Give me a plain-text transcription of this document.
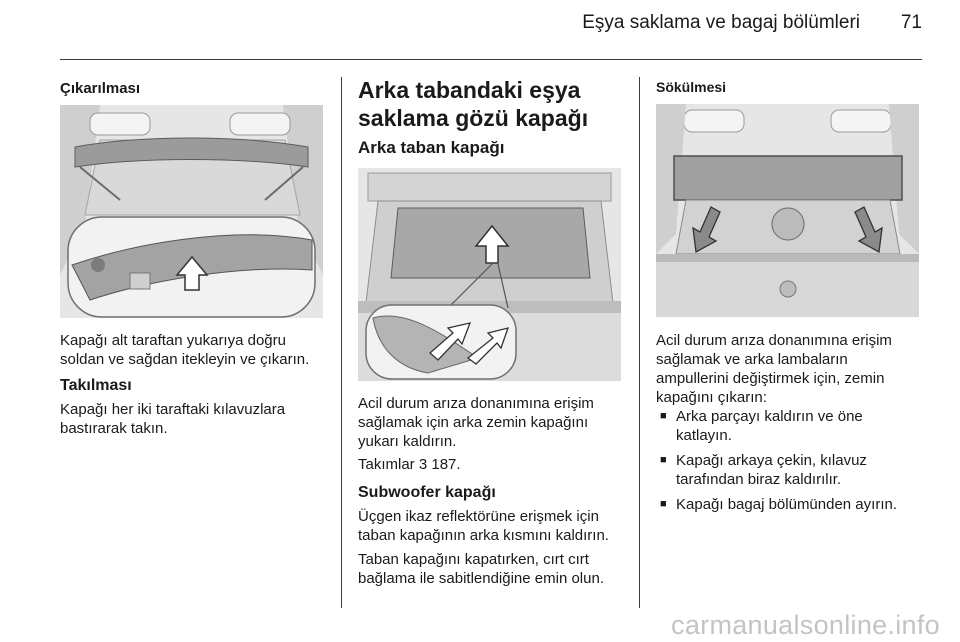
Eşya saklama ve bagaj bölümleri	71
Çıkarılması
Kapağı alt taraftan yukarıya doğru
soldan ve sağdan itekleyin ve çıkarın.
Takılması
Kapağı her iki taraftaki kılavuzlara
bastırarak takın.
Arka tabandaki eşya
saklama gözü kapağı
Arka taban kapağı
Acil durum arıza donanımına erişim
sağlamak için arka zemin kapağını
yukarı kaldırın.
Takımlar 3 187.
Subwoofer kapağı
Üçgen ikaz reflektörüne erişmek için
taban kapağının arka kısmını kaldırın.
Taban kapağını kapatırken, cırt cırt
bağlama ile sabitlendiğine emin olun.
Sökülmesi
Acil durum arıza donanımına erişim
sağlamak ve arka lambaların
ampullerini değiştirmek için, zemin
kapağını çıkarın:
■ Arka parçayı kaldırın ve öne
katlayın.
■ Kapağı arkaya çekin, kılavuz
tarafından biraz kaldırılır.
■ Kapağı bagaj bölümünden ayırın.
carmanualsonline.info
